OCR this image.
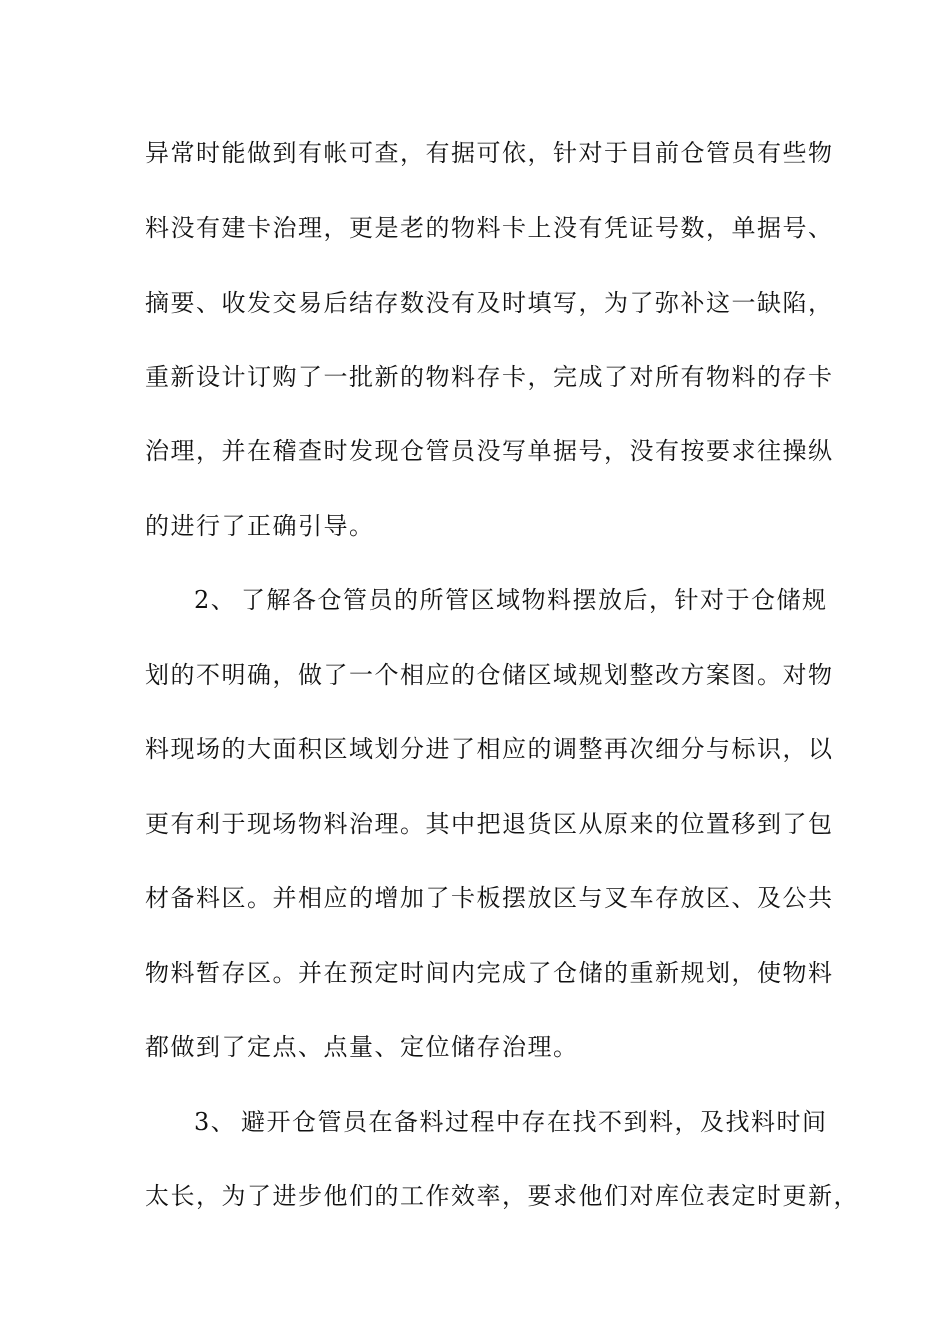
异常时能做到有帐可查，有据可依，针对于目前仓管员有些物
料没有建卡治理，更是老的物料卡上没有凭证号数，单据号、
摘要、收发交易后结存数没有及时填写，为了弥补这一缺陷，
重新设计订购了一批新的物料存卡，完成了对所有物料的存卡
治理，并在稽查时发现仓管员没写单据号，没有按要求往操纵
的进行了正确引导。
2、 了解各仓管员的所管区域物料摆放后，针对于仓储规
划的不明确，做了一个相应的仓储区域规划整改方案图。对物
料现场的大面积区域划分进了相应的调整再次细分与标识，以
更有利于现场物料治理。其中把退货区从原来的位置移到了包
材备料区。并相应的增加了卡板摆放区与叉车存放区、及公共
物料暂存区。并在预定时间内完成了仓储的重新规划，使物料
都做到了定点、点量、定位储存治理。
3、 避开仓管员在备料过程中存在找不到料，及找料时间
太长，为了进步他们的工作效率，要求他们对库位表定时更新，
